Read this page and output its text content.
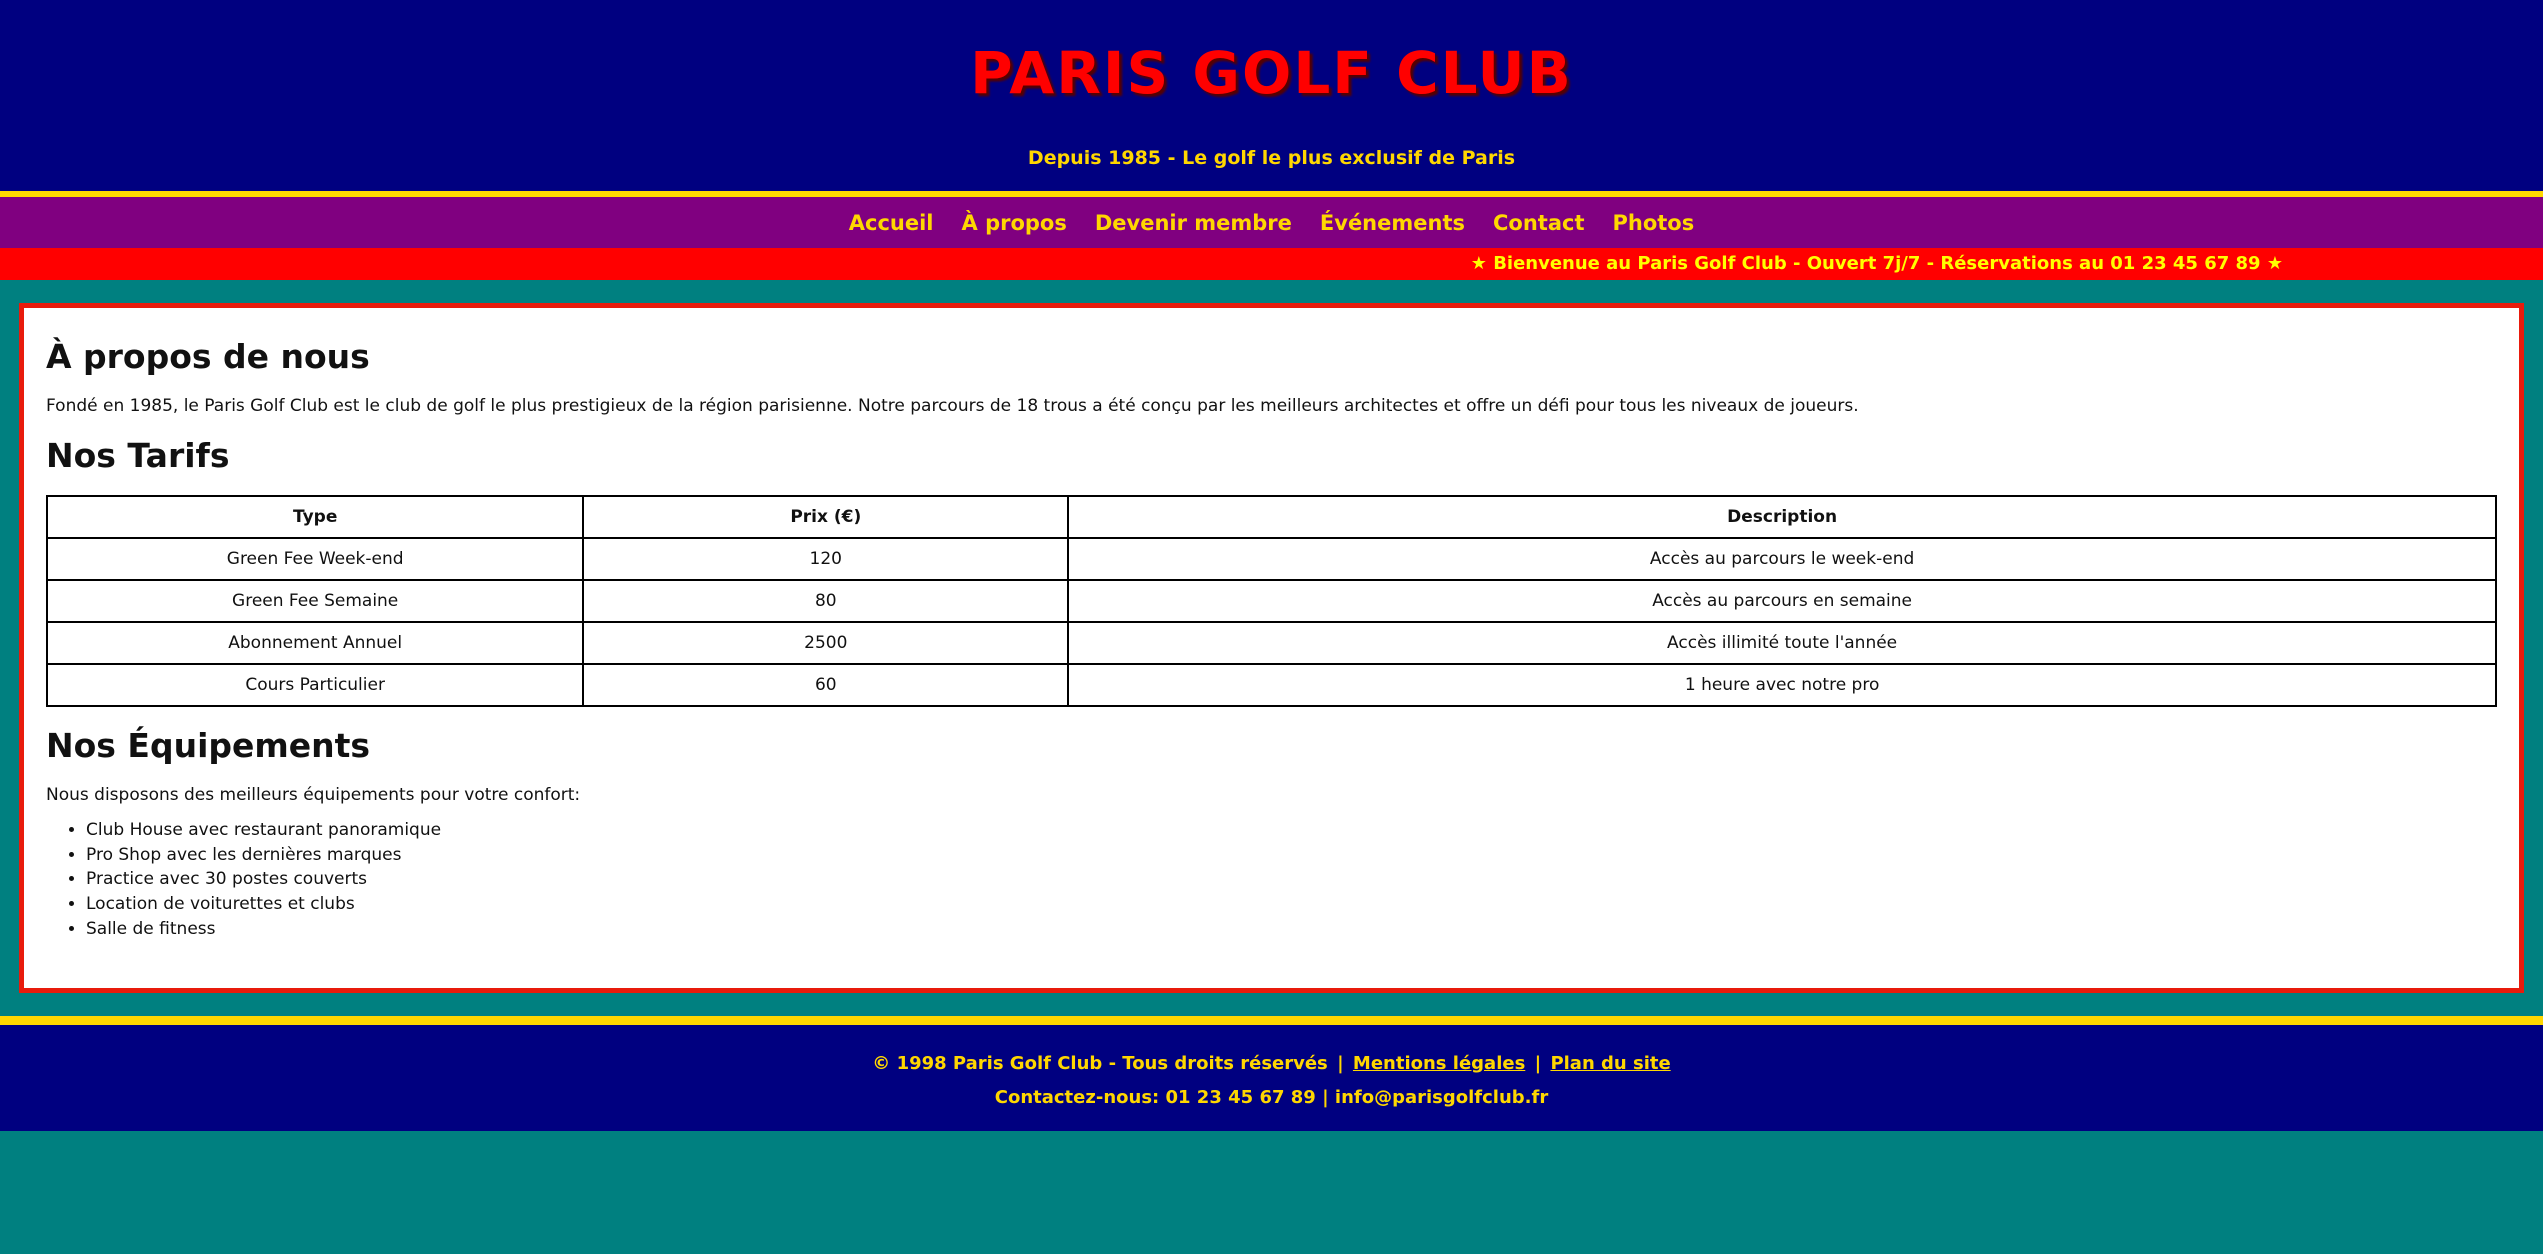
PARIS GOLF CLUB

Depuis 1985 - Le golf le plus exclusif de Paris

Accueil	À propos	Devenir membre	Événements	Contact	Photos
★ Bienvenue au Paris Golf Club - Ouvert 7j/7 - Réservations au 01 23 45 67 89 ★
À propos de nous

Fondé en 1985, le Paris Golf Club est le club de golf le plus prestigieux de la région parisienne. Notre parcours de 18 trous a été conçu par les meilleurs architectes et offre un défi pour tous les niveaux de joueurs.

Nos Tarifs
Type	Prix (€)	Description
Green Fee Week-end	120	Accès au parcours le week-end
Green Fee Semaine	80	Accès au parcours en semaine
Abonnement Annuel	2500	Accès illimité toute l'année
Cours Particulier	60	1 heure avec notre pro
Nos Équipements

Nous disposons des meilleurs équipements pour votre confort:

• Club House avec restaurant panoramique
• Pro Shop avec les dernières marques
• Practice avec 30 postes couverts
• Location de voiturettes et clubs
• Salle de fitness

© 1998 Paris Golf Club - Tous droits réservés | Mentions légales | Plan du site

Contactez-nous: 01 23 45 67 89 | info@parisgolfclub.fr
